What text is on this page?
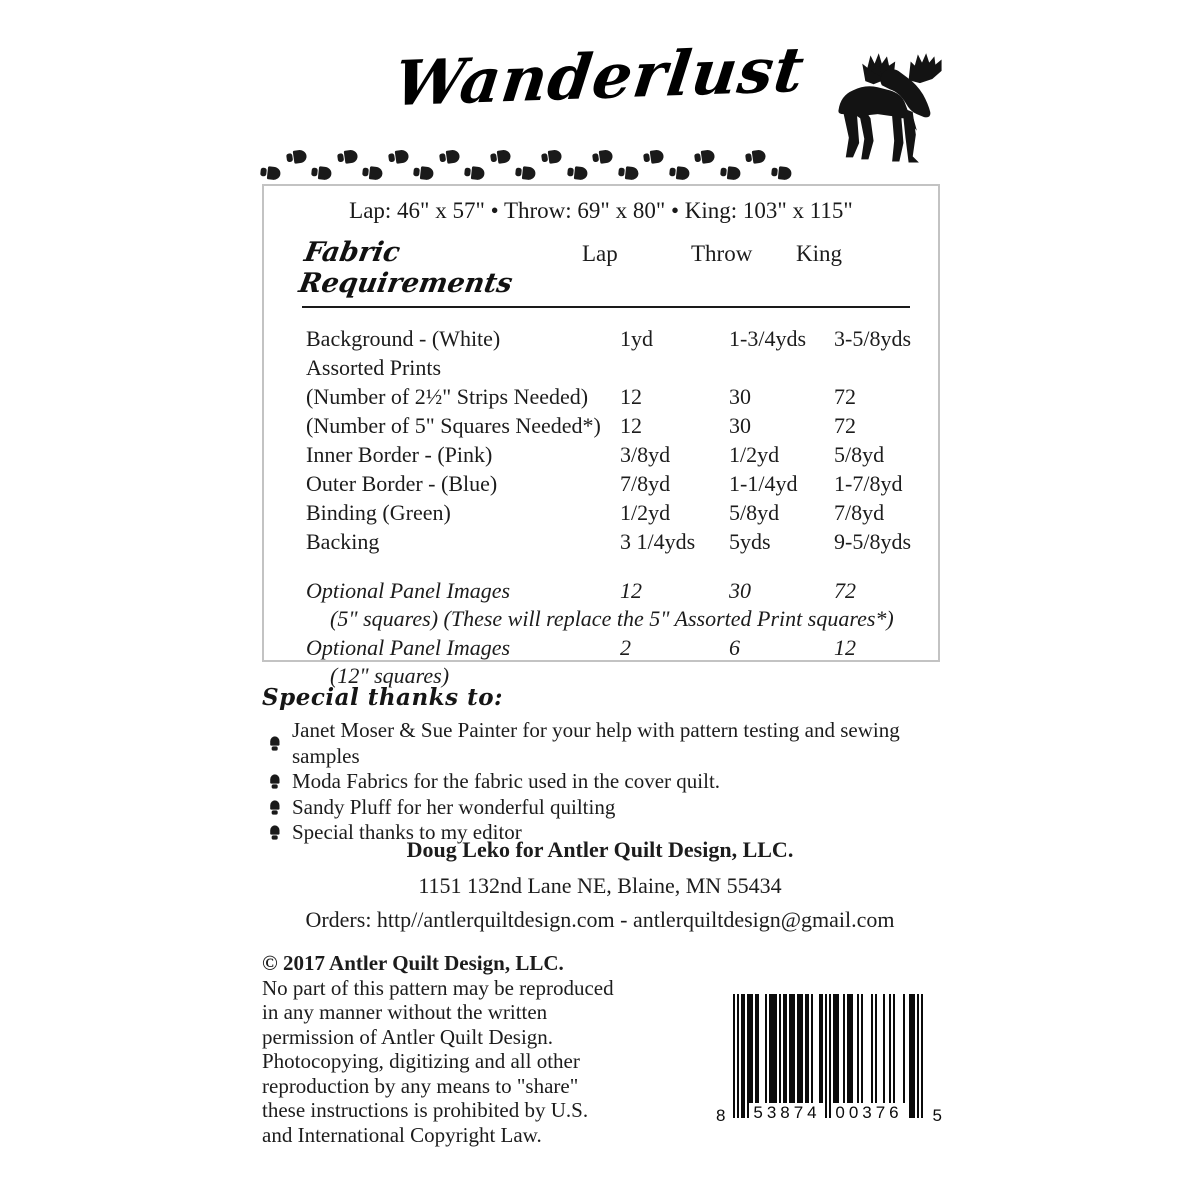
Wanderlust
Lap: 46" x 57" • Throw: 69" x 80" • King: 103" x 115"
Fabric Requirements
Lap	Throw	King
Background - (White)	1yd	1-3/4yds	3-5/8yds
Assorted Prints
(Number of 2½" Strips Needed)	12	30	72
(Number of 5" Squares Needed*) 12	30	72
Inner Border - (Pink)	3/8yd	1/2yd	5/8yd
Outer Border - (Blue)	7/8yd	1-1/4yd	1-7/8yd
Binding (Green)	1/2yd	5/8yd	7/8yd
Backing	3 1/4yds	5yds	9-5/8yds
Optional Panel Images	12	30	72
(5" squares) (These will replace the 5" Assorted Print squares*)
Optional Panel Images	2	6	12
(12" squares)
Special thanks to:
Janet Moser & Sue Painter for your help with pattern testing and sewing samples
Moda Fabrics for the fabric used in the cover quilt.
Sandy Pluff for her wonderful quilting
Special thanks to my editor
Doug Leko for Antler Quilt Design, LLC.
1151 132nd Lane NE, Blaine, MN 55434
Orders: http//antlerquiltdesign.com - antlerquiltdesign@gmail.com
© 2017 Antler Quilt Design, LLC.
No part of this pattern may be reproduced
in any manner without the written
permission of Antler Quilt Design.
Photocopying, digitizing and all other
reproduction by any means to "share"
these instructions is prohibited by U.S.
and International Copyright Law.
8 53874 00376 5
